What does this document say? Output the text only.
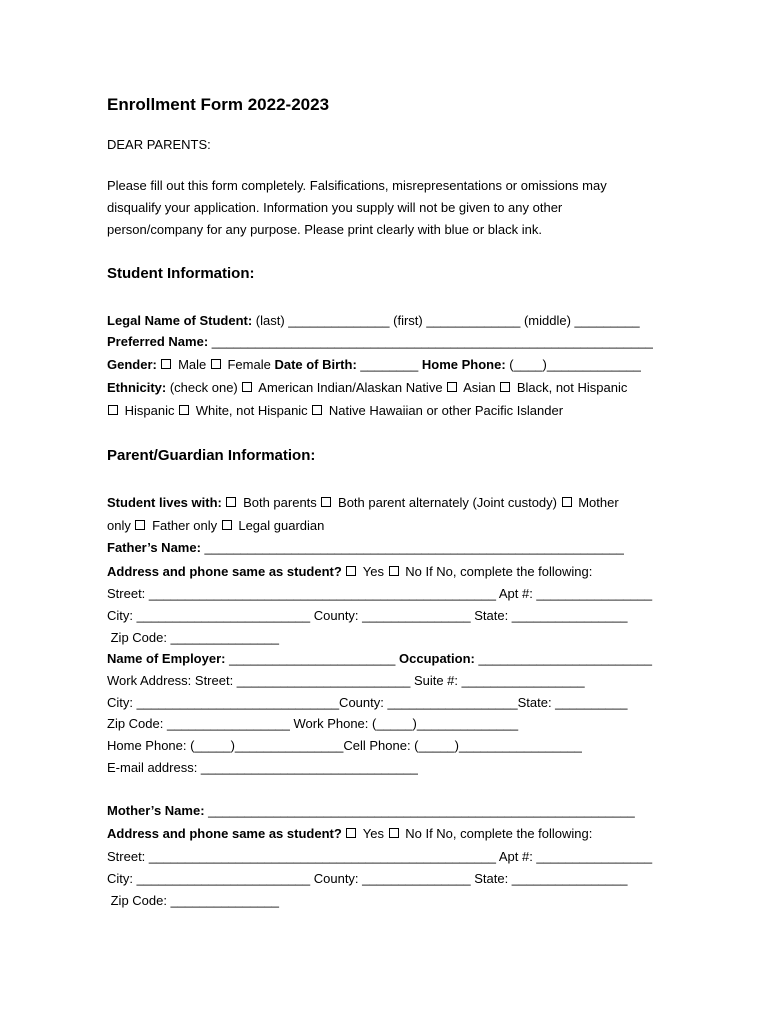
Enrollment Form 2022-2023
DEAR PARENTS:
Please fill out this form completely. Falsifications, misrepresentations or omissions may
disqualify your application. Information you supply will not be given to any other
person/company for any purpose. Please print clearly with blue or black ink.
Student Information:
Legal Name of Student: (last) ______________ (first) _____________ (middle) _________
Preferred Name: _____________________________________________________________
Gender:  Male  Female Date of Birth: ________ Home Phone: (____)_____________
Ethnicity: (check one)  American Indian/Alaskan Native  Asian  Black, not Hispanic
Hispanic  White, not Hispanic  Native Hawaiian or other Pacific Islander
Parent/Guardian Information:
Student lives with:  Both parents  Both parent alternately (Joint custody)  Mother
only  Father only  Legal guardian
Father’s Name: __________________________________________________________
Address and phone same as student?  Yes  No If No, complete the following:
Street: ________________________________________________ Apt #: ________________
City: ________________________ County: _______________ State: ________________
Zip Code: _______________
Name of Employer: _______________________ Occupation: ________________________
Work Address: Street: ________________________ Suite #: _________________
City: ____________________________County: __________________State: __________
Zip Code: _________________ Work Phone: (_____)______________
Home Phone: (_____)_______________Cell Phone: (_____)_________________
E-mail address: ______________________________
Mother’s Name: ___________________________________________________________
Address and phone same as student?  Yes  No If No, complete the following:
Street: ________________________________________________ Apt #: ________________
City: ________________________ County: _______________ State: ________________
Zip Code: _______________
